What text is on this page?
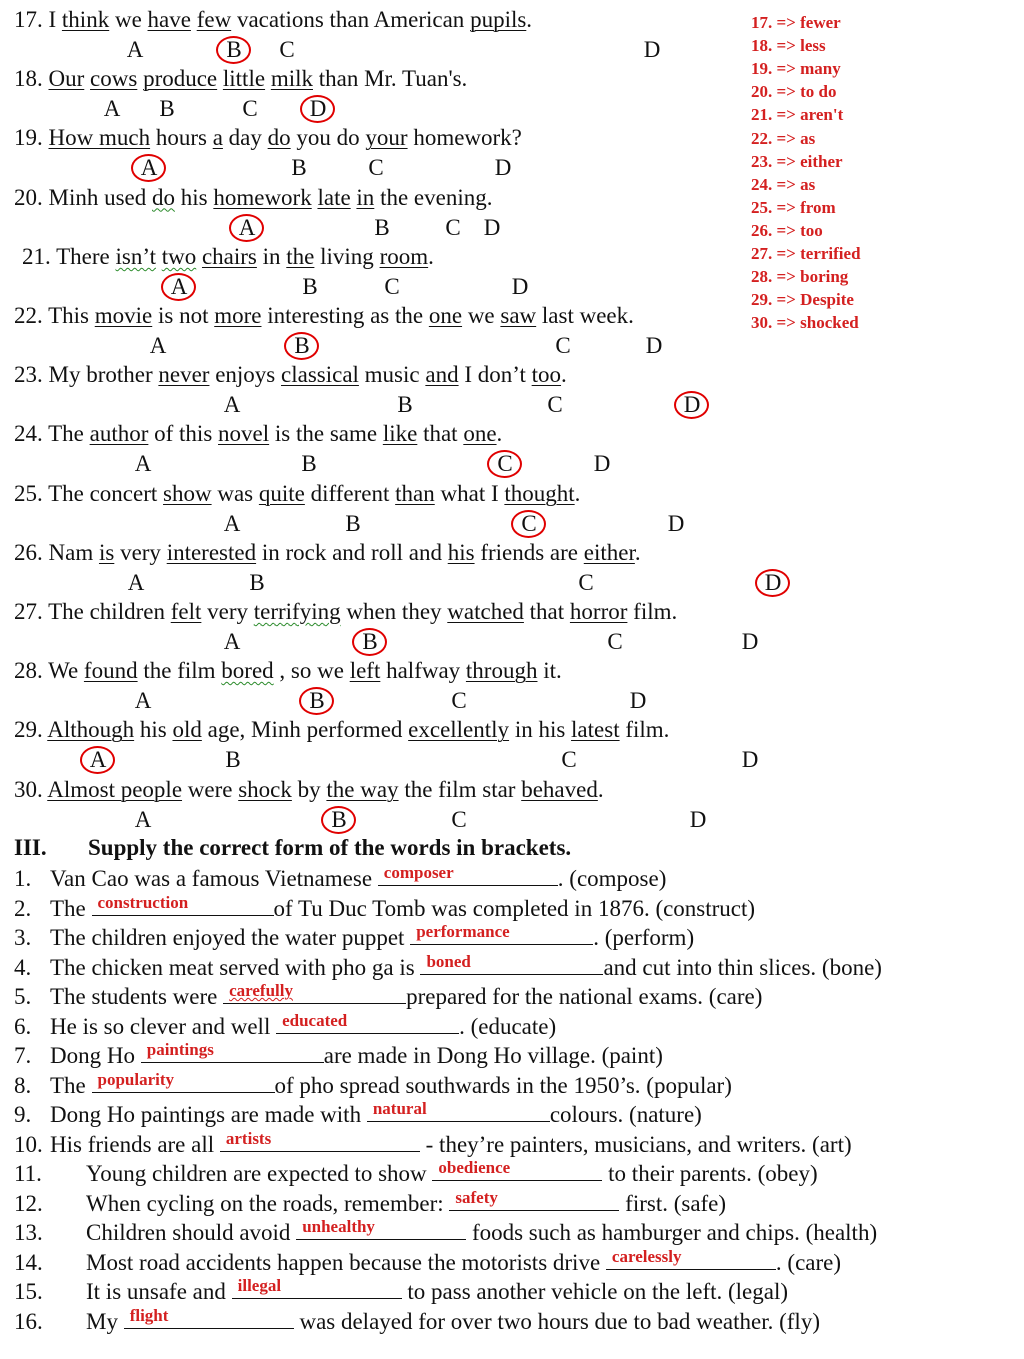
17. I think we have few vacations than American pupils.
A	B C	D
18. Our cows produce little milk than Mr. Tuan's.
A B	C D
19. How much hours a day do you do your homework?
A	B	C	D
20. Minh used do his homework late in the evening.
A	B C D
21. There isn’t two chairs in the living room.
A	B	C	D
22. This movie is not more interesting as the one we saw last week.
A	B	C	D
23. My brother never enjoys classical music and I don’t too.
A	B	C	D
24. The author of this novel is the same like that one.
A	B	C	D
25. The concert show was quite different than what I thought.
A	B	C	D
26. Nam is very interested in rock and roll and his friends are either.
A	B	C	D
27. The children felt very terrifying when they watched that horror film.
A	B	C	D
28. We found the film bored , so we left halfway through it.
A	B	C	D
29. Although his old age, Minh performed excellently in his latest film.
A	B	C	D
30. Almost people were shock by the way the film star behaved.
A	B	C	D
17. => fewer
18. => less
19. => many
20. => to do
21. => aren't
22. => as
23. => either
24. => as
25. => from
26. => too
27. => terrified
28. => boring
29. => Despite
30. => shocked
III. Supply the correct form of the words in brackets.
1. Van Cao was a famous Vietnamese composer	. (compose)
2. The construction	of Tu Duc Tomb was completed in 1876. (construct)
3. The children enjoyed the water puppet performance	. (perform)
4. The chicken meat served with pho ga is boned	and cut into thin slices. (bone)
5. The students were carefully	prepared for the national exams. (care)
6. He is so clever and well educated	. (educate)
7. Dong Ho paintings	are made in Dong Ho village. (paint)
8. The popularity	of pho spread southwards in the 1950’s. (popular)
9. Dong Ho paintings are made with natural	colours. (nature)
10. His friends are all artists	- they’re painters, musicians, and writers. (art)
11. Young children are expected to show obedience	to their parents. (obey)
12. When cycling on the roads, remember: safety	first. (safe)
13. Children should avoid unhealthy	foods such as hamburger and chips. (health)
14. Most road accidents happen because the motorists drive carelessly	. (care)
15. It is unsafe and illegal	to pass another vehicle on the left. (legal)
16. My flight	was delayed for over two hours due to bad weather. (fly)
